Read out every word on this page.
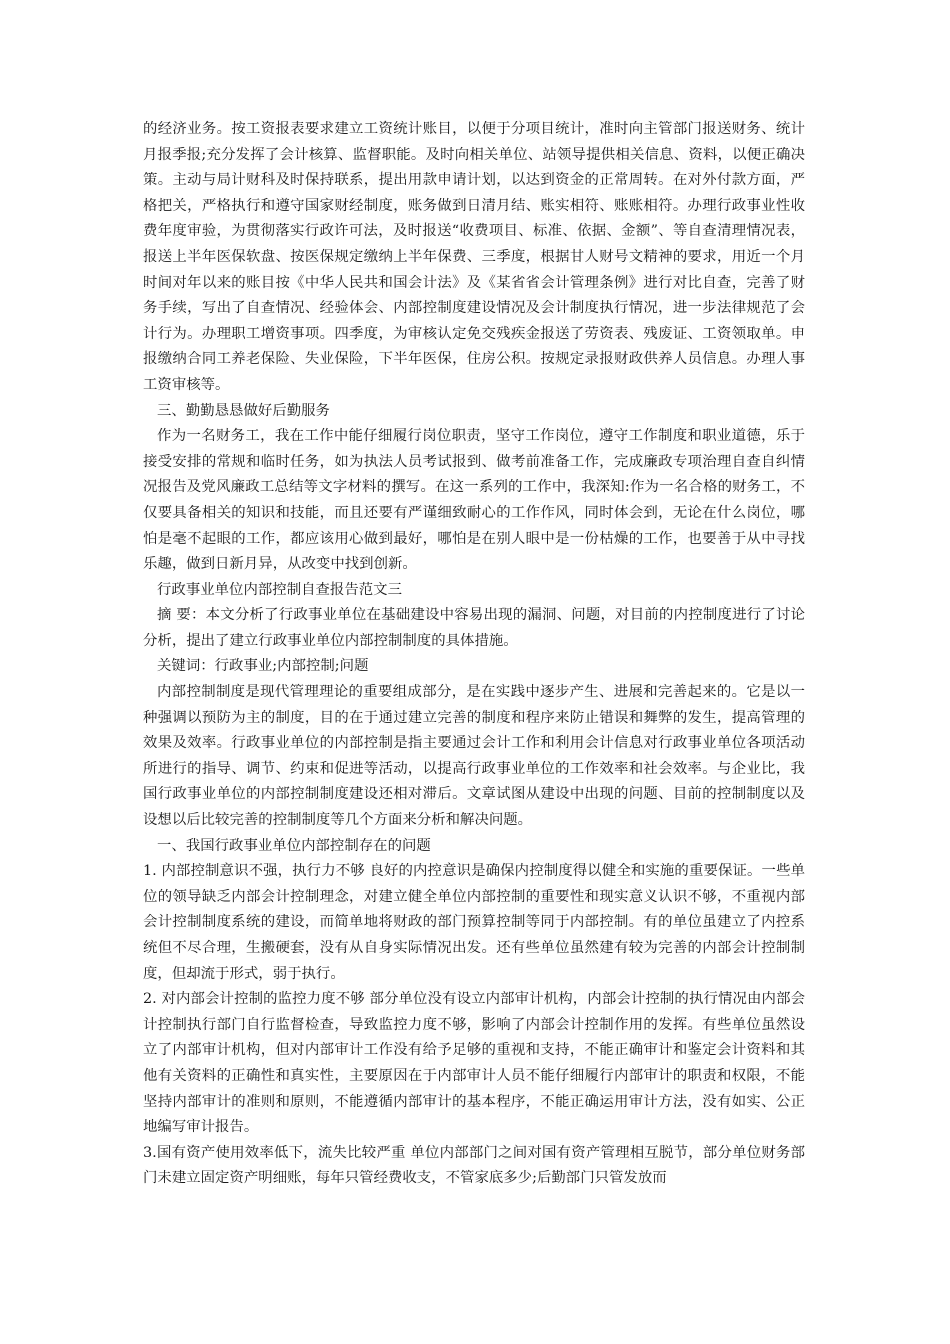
的经济业务。按工资报表要求建立工资统计账目，以便于分项目统计，准时向主管部门报送财务、统计月报季报;充分发挥了会计核算、监督职能。及时向相关单位、站领导提供相关信息、资料，以便正确决策。主动与局计财科及时保持联系，提出用款申请计划，以达到资金的正常周转。在对外付款方面，严格把关，严格执行和遵守国家财经制度，账务做到日清月结、账实相符、账账相符。办理行政事业性收费年度审验，为贯彻落实行政许可法，及时报送“收费项目、标准、依据、金额”、等自查清理情况表，报送上半年医保软盘、按医保规定缴纳上半年保费、三季度，根据甘人财号文精神的要求，用近一个月时间对年以来的账目按《中华人民共和国会计法》及《某省省会计管理条例》进行对比自查，完善了财务手续，写出了自查情况、经验体会、内部控制度建设情况及会计制度执行情况，进一步法律规范了会计行为。办理职工增资事项。四季度，为审核认定免交残疾金报送了劳资表、残废证、工资领取单。申报缴纳合同工养老保险、失业保险，下半年医保，住房公积。按规定录报财政供养人员信息。办理人事工资审核等。

三、勤勤恳恳做好后勤服务

作为一名财务工，我在工作中能仔细履行岗位职责，坚守工作岗位，遵守工作制度和职业道德，乐于接受安排的常规和临时任务，如为执法人员考试报到、做考前准备工作，完成廉政专项治理自查自纠情况报告及党风廉政工总结等文字材料的撰写。在这一系列的工作中，我深知:作为一名合格的财务工，不仅要具备相关的知识和技能，而且还要有严谨细致耐心的工作作风，同时体会到，无论在什么岗位，哪怕是毫不起眼的工作，都应该用心做到最好，哪怕是在别人眼中是一份枯燥的工作，也要善于从中寻找乐趣，做到日新月异，从改变中找到创新。

行政事业单位内部控制自查报告范文三

摘 要：本文分析了行政事业单位在基础建设中容易出现的漏洞、问题，对目前的内控制度进行了讨论分析，提出了建立行政事业单位内部控制制度的具体措施。

关键词：行政事业;内部控制;问题

内部控制制度是现代管理理论的重要组成部分，是在实践中逐步产生、进展和完善起来的。它是以一种强调以预防为主的制度，目的在于通过建立完善的制度和程序来防止错误和舞弊的发生，提高管理的效果及效率。行政事业单位的内部控制是指主要通过会计工作和利用会计信息对行政事业单位各项活动所进行的指导、调节、约束和促进等活动，以提高行政事业单位的工作效率和社会效率。与企业比，我国行政事业单位的内部控制制度建设还相对滞后。文章试图从建设中出现的问题、目前的控制制度以及设想以后比较完善的控制制度等几个方面来分析和解决问题。

一、我国行政事业单位内部控制存在的问题

1. 内部控制意识不强，执行力不够 良好的内控意识是确保内控制度得以健全和实施的重要保证。一些单位的领导缺乏内部会计控制理念，对建立健全单位内部控制的重要性和现实意义认识不够，不重视内部会计控制制度系统的建设，而简单地将财政的部门预算控制等同于内部控制。有的单位虽建立了内控系统但不尽合理，生搬硬套，没有从自身实际情况出发。还有些单位虽然建有较为完善的内部会计控制制度，但却流于形式，弱于执行。

2. 对内部会计控制的监控力度不够 部分单位没有设立内部审计机构，内部会计控制的执行情况由内部会计控制执行部门自行监督检查，导致监控力度不够，影响了内部会计控制作用的发挥。有些单位虽然设立了内部审计机构，但对内部审计工作没有给予足够的重视和支持，不能正确审计和鉴定会计资料和其他有关资料的正确性和真实性，主要原因在于内部审计人员不能仔细履行内部审计的职责和权限，不能坚持内部审计的准则和原则，不能遵循内部审计的基本程序，不能正确运用审计方法，没有如实、公正地编写审计报告。

3.国有资产使用效率低下，流失比较严重 单位内部部门之间对国有资产管理相互脱节，部分单位财务部门未建立固定资产明细账，每年只管经费收支，不管家底多少;后勤部门只管发放而
